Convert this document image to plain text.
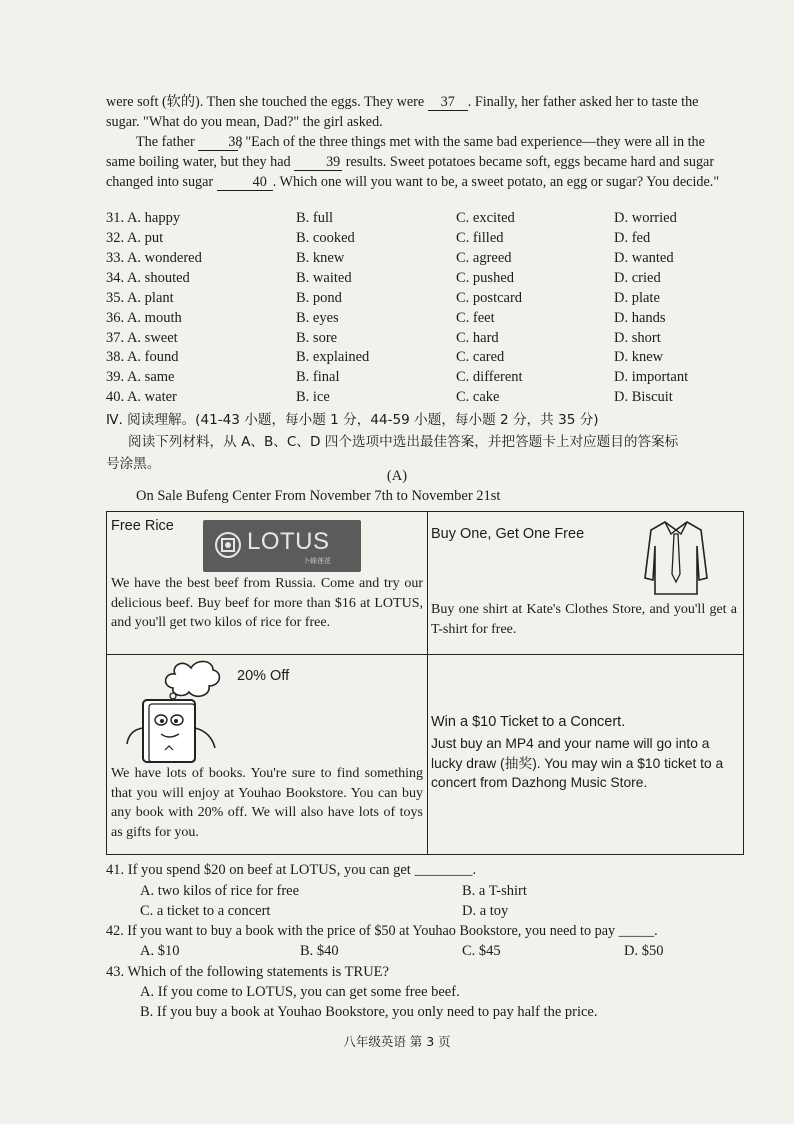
were soft (软的). Then she touched the eggs. They were 37 . Finally, her father asked her to taste the sugar. "What do you mean, Dad?" the girl asked.
The father 38, "Each of the three things met with the same bad experience—they were all in the same boiling water, but they had 39 results. Sweet potatoes became soft, eggs became hard and sugar changed into sugar	40 . Which one will you want to be, a sweet potato, an egg or sugar? You decide."
31. A. happy	B. full	C. excited	D. worried
32. A. put	B. cooked	C. filled	D. fed
33. A. wondered	B. knew	C. agreed	D. wanted
34. A. shouted	B. waited	C. pushed	D. cried
35. A. plant	B. pond	C. postcard	D. plate
36. A. mouth	B. eyes	C. feet	D. hands
37. A. sweet	B. sore	C. hard	D. short
38. A. found	B. explained	C. cared	D. knew
39. A. same	B. final	C. different	D. important
40. A. water	B. ice	C. cake	D. Biscuit
Ⅳ. 阅读理解。(41-43 小题，每小题 1 分，44-59 小题，每小题 2 分，共 35 分)
阅读下列材料，从 A、B、C、D 四个选项中选出最佳答案，并把答题卡上对应题目的答案标
号涂黑。
(A)
On Sale Bufeng Center From November 7th to November 21st
Free Rice
LOTUS
卜蜂莲花
We have the best beef from Russia. Come and try our delicious beef. Buy beef for more than $16 at LOTUS, and you'll get two kilos of rice for free.
Buy One, Get One Free
Buy one shirt at Kate's Clothes Store, and you'll get a T-shirt for free.
20% Off
We have lots of books. You're sure to find something that you will enjoy at Youhao Bookstore. You can buy any book with 20% off. We will also have lots of toys as gifts for you.
Win a $10 Ticket to a Concert.
Just buy an MP4 and your name will go into a lucky draw (抽奖). You may win a $10 ticket to a concert from Dazhong Music Store.
41. If you spend $20 on beef at LOTUS, you can get ________.
A. two kilos of rice for free	B. a T-shirt
C. a ticket to a concert	D. a toy
42. If you want to buy a book with the price of $50 at Youhao Bookstore, you need to pay _____.
A. $10	B. $40	C. $45	D. $50
43. Which of the following statements is TRUE?
A. If you come to LOTUS, you can get some free beef.
B. If you buy a book at Youhao Bookstore, you only need to pay half the price.
八年级英语 第 3 页
